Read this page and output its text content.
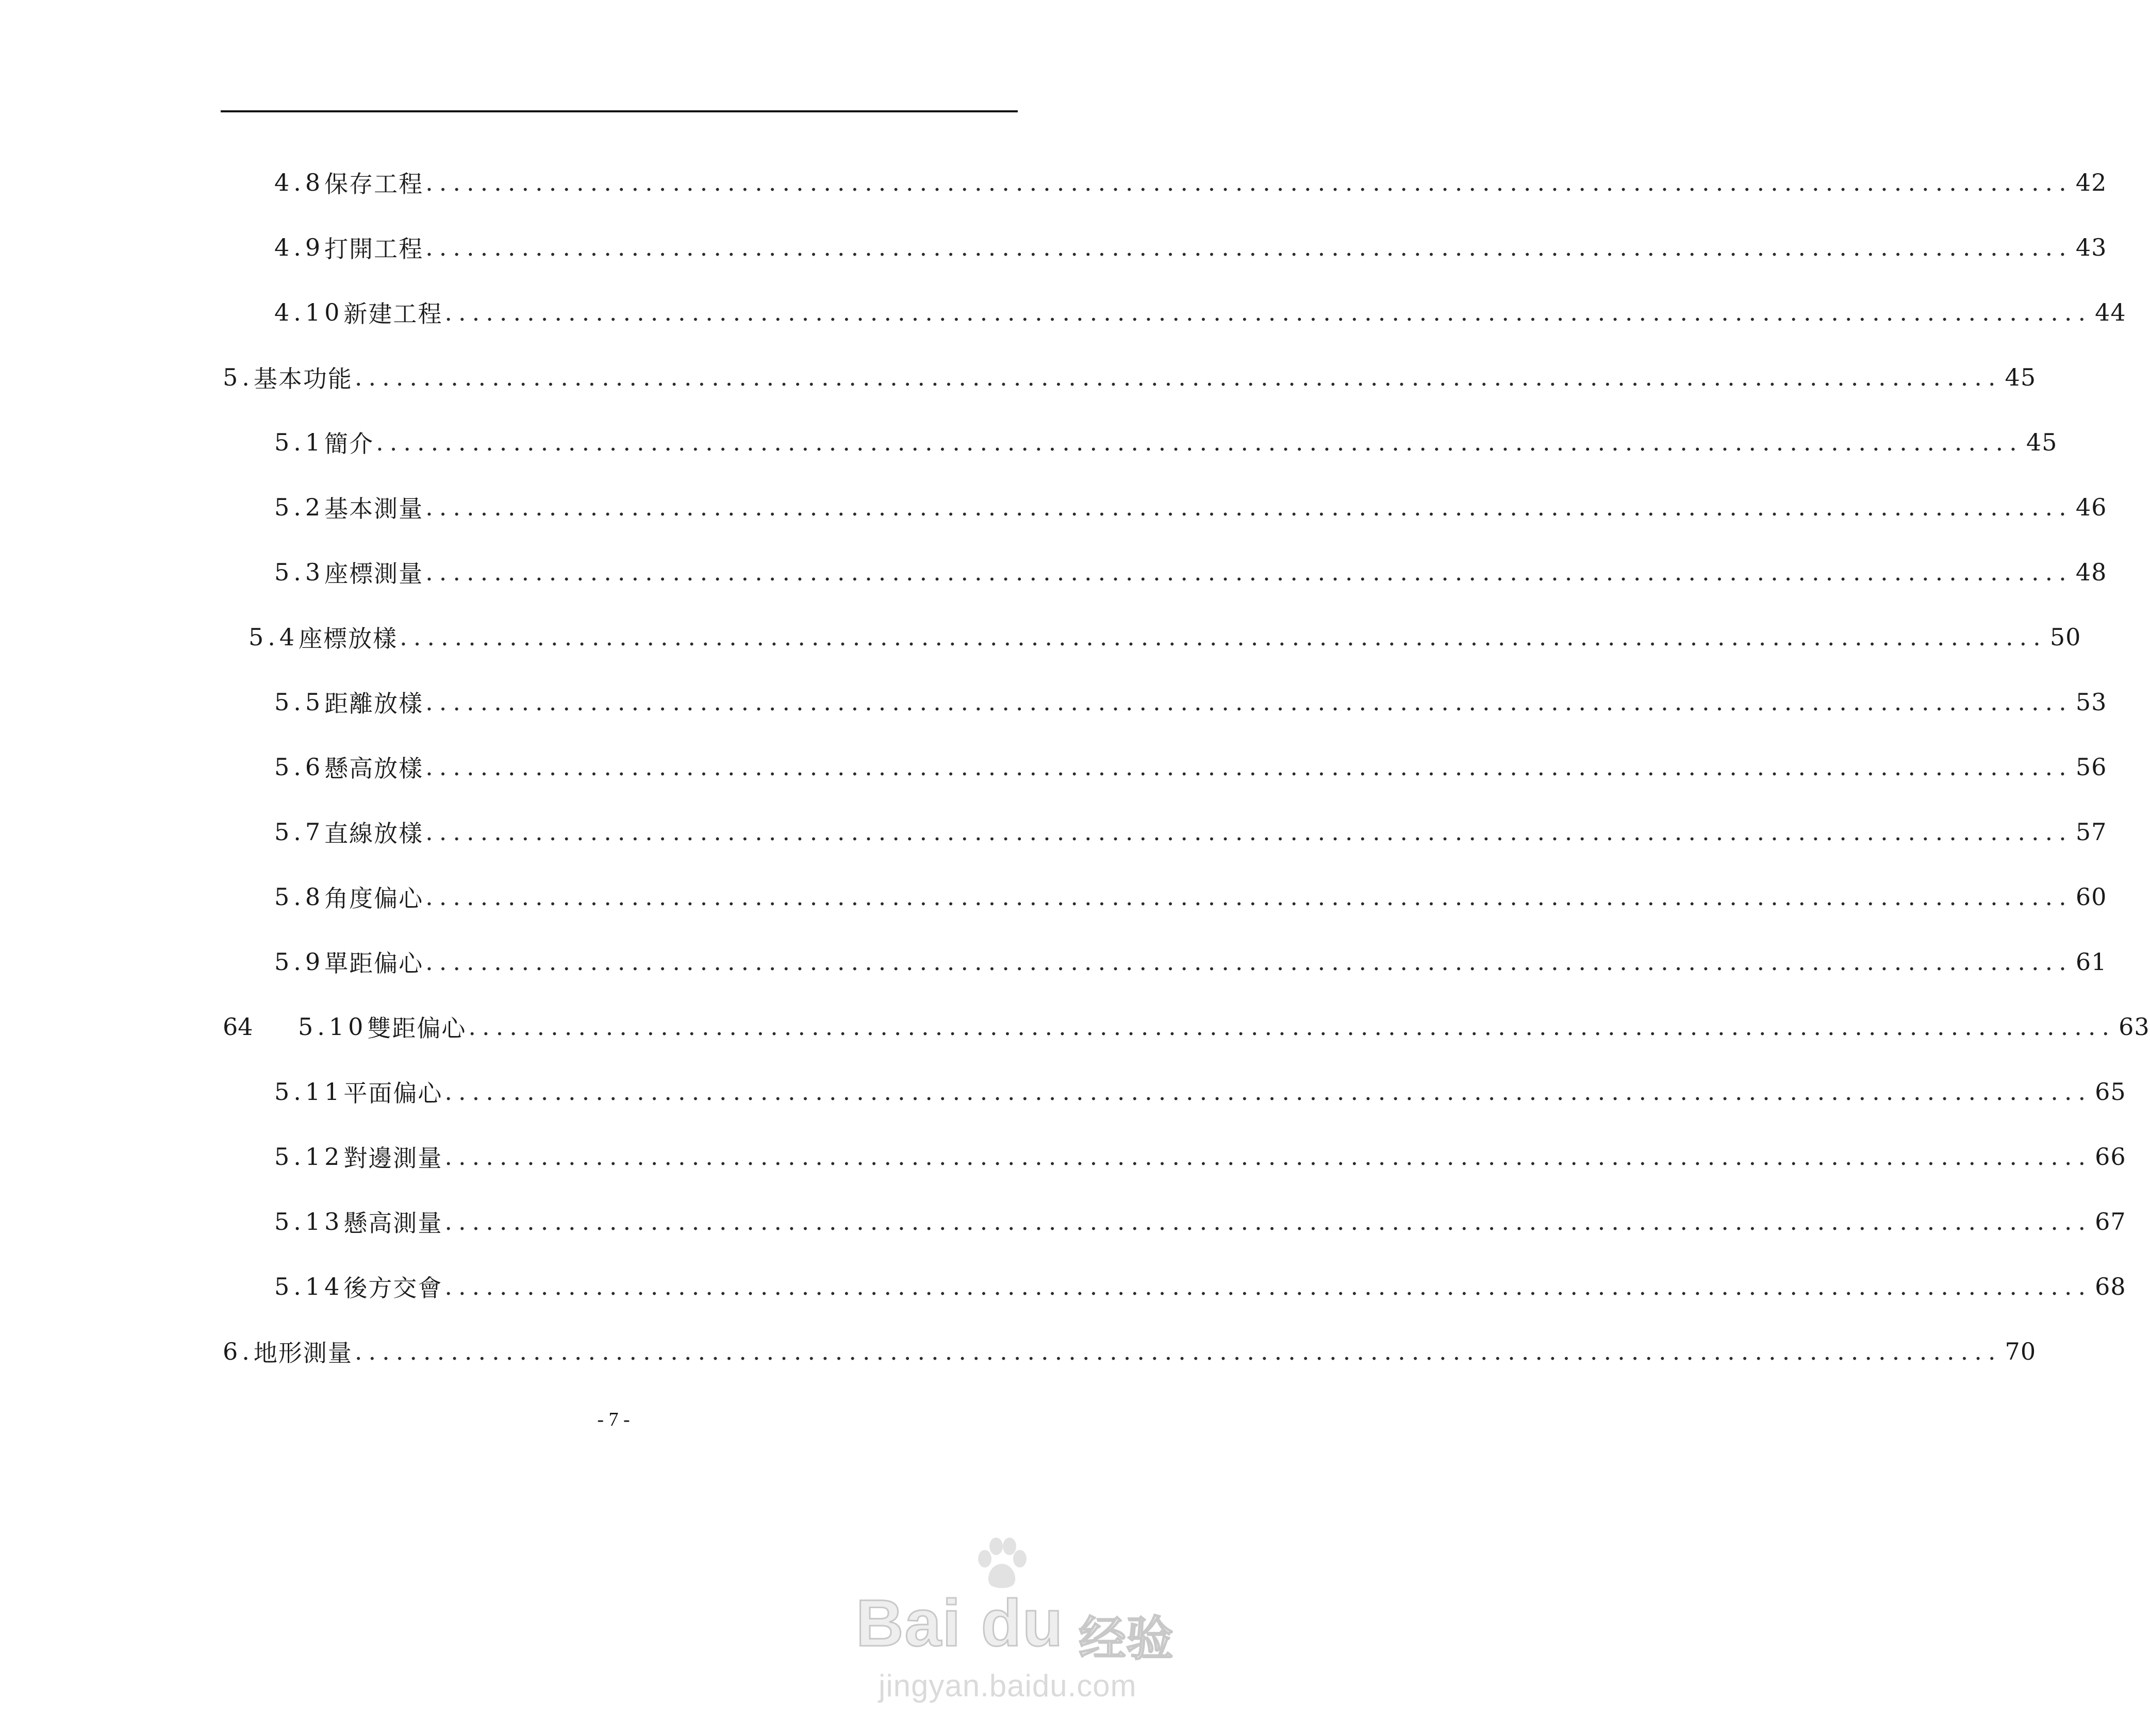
4.8 保存工程 ........................................................................................................................ 42
4.9 打開工程 ........................................................................................................................ 43
4.10 新建工程 ........................................................................................................................ 44
5. 基本功能 ........................................................................................................................ 45
5.1 簡介 ........................................................................................................................ 45
5.2 基本測量 ........................................................................................................................ 46
5.3 座標測量 ........................................................................................................................ 48
5.4 座標放樣 ........................................................................................................................ 50
5.5 距離放樣 ........................................................................................................................ 53
5.6 懸高放樣 ........................................................................................................................ 56
5.7 直線放樣 ........................................................................................................................ 57
5.8 角度偏心 ........................................................................................................................ 60
5.9 單距偏心 ........................................................................................................................ 61
64 5.10 雙距偏心 ........................................................................................................................ 63
5.11 平面偏心 ........................................................................................................................ 65
5.12 對邊測量 ........................................................................................................................ 66
5.13 懸高測量 ........................................................................................................................ 67
5.14 後方交會 ........................................................................................................................ 68
6. 地形測量 ........................................................................................................................ 70
- 7 -
Bai du 经验
jingyan.baidu.com
